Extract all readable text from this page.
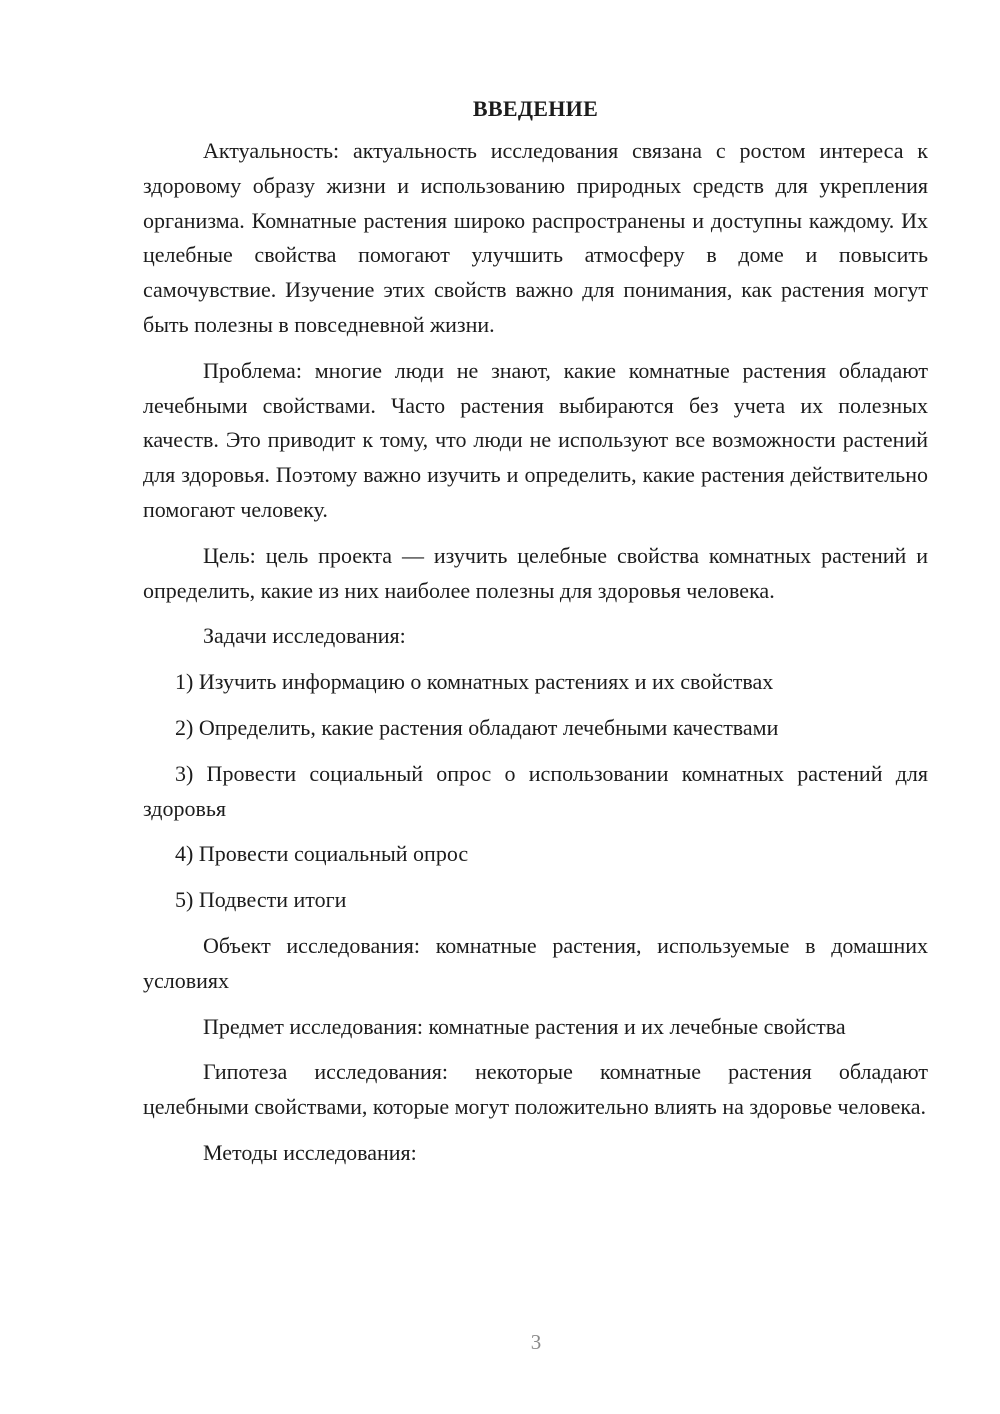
ВВЕДЕНИЕ

Актуальность: актуальность исследования связана с ростом интереса к здоровому образу жизни и использованию природных средств для укрепления организма. Комнатные растения широко распространены и доступны каждому. Их целебные свойства помогают улучшить атмосферу в доме и повысить самочувствие. Изучение этих свойств важно для понимания, как растения могут быть полезны в повседневной жизни.

Проблема: многие люди не знают, какие комнатные растения обладают лечебными свойствами. Часто растения выбираются без учета их полезных качеств. Это приводит к тому, что люди не используют все возможности растений для здоровья. Поэтому важно изучить и определить, какие растения действительно помогают человеку.

Цель: цель проекта — изучить целебные свойства комнатных растений и определить, какие из них наиболее полезны для здоровья человека.

Задачи исследования:

1) Изучить информацию о комнатных растениях и их свойствах

2) Определить, какие растения обладают лечебными качествами

3) Провести социальный опрос о использовании комнатных растений для здоровья

4) Провести социальный опрос

5) Подвести итоги

Объект исследования: комнатные растения, используемые в домашних условиях

Предмет исследования: комнатные растения и их лечебные свойства

Гипотеза исследования: некоторые комнатные растения обладают целебными свойствами, которые могут положительно влиять на здоровье человека.

Методы исследования:

3
